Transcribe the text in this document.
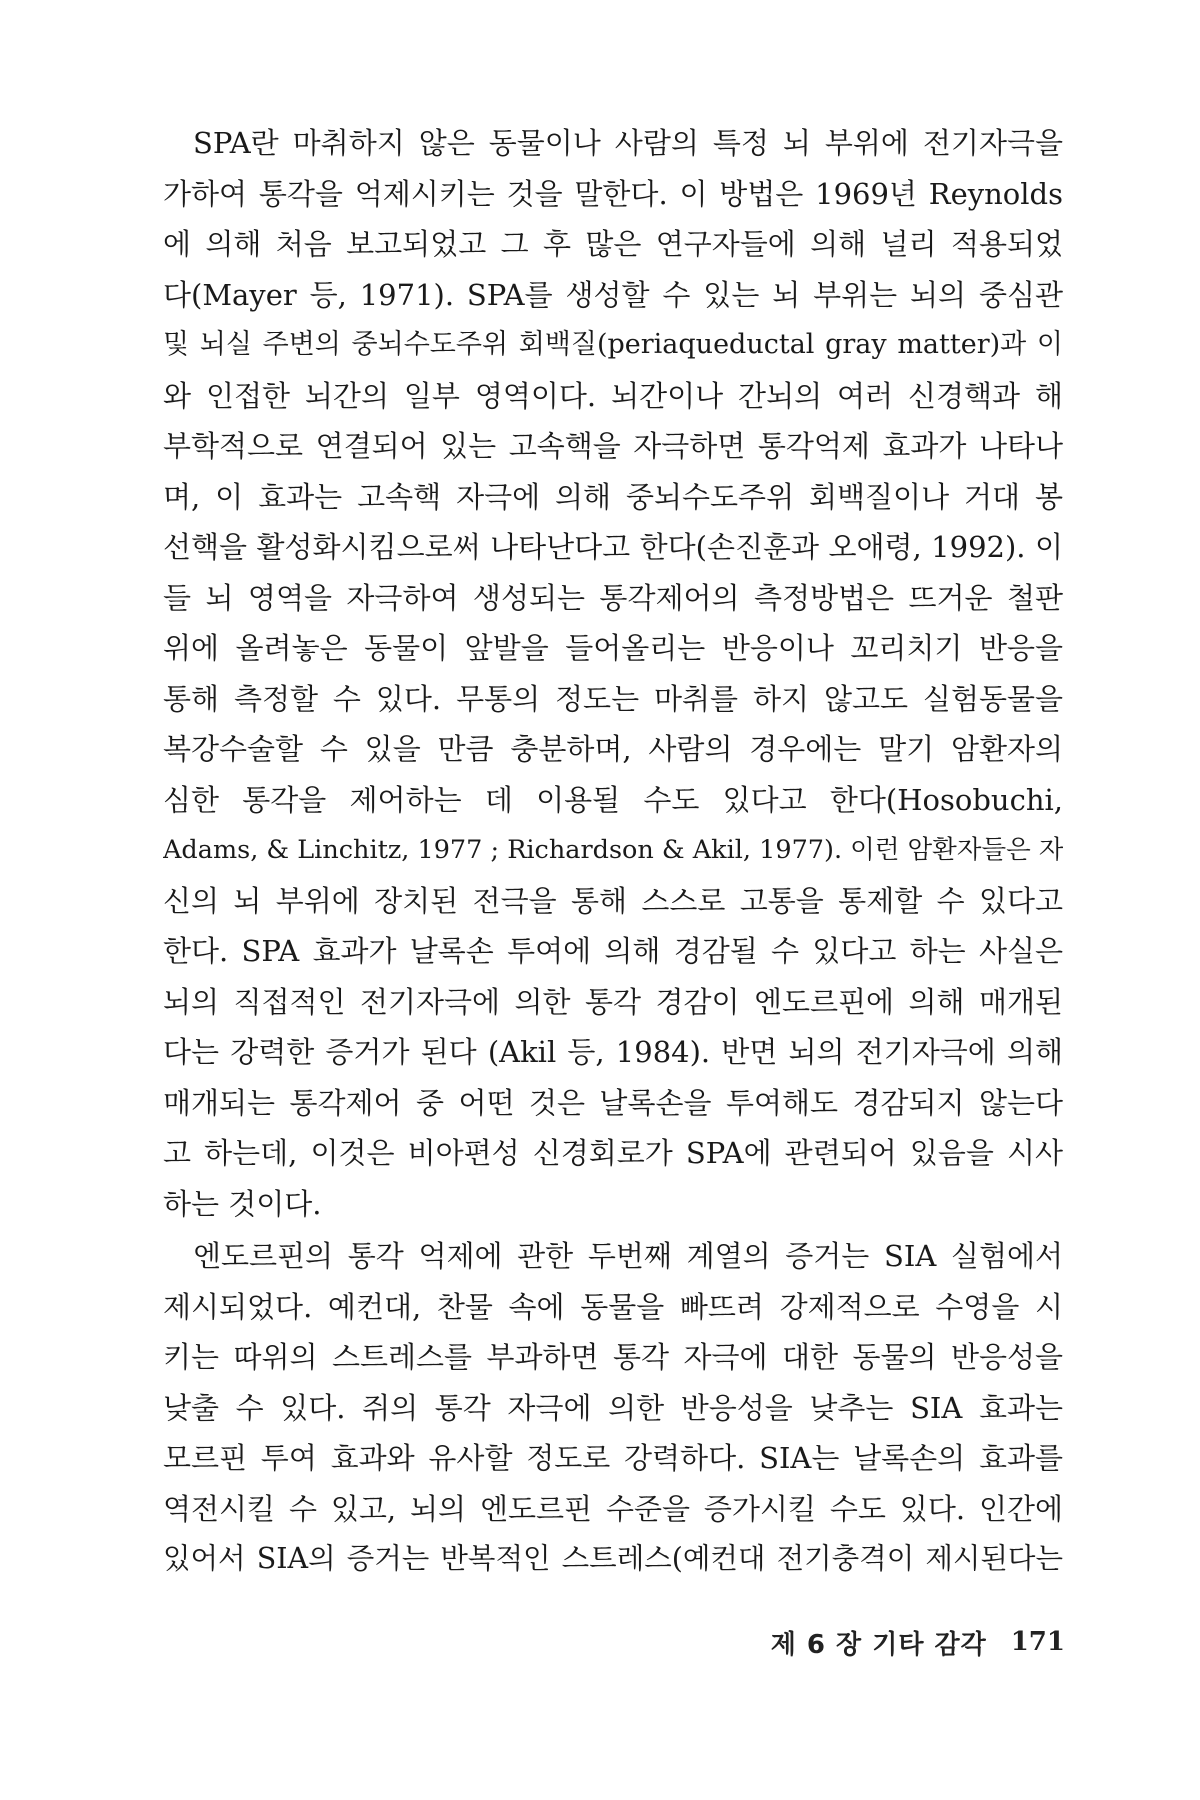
SPA란 마취하지 않은 동물이나 사람의 특정 뇌 부위에 전기자극을
가하여 통각을 억제시키는 것을 말한다. 이 방법은 1969년 Reynolds
에 의해 처음 보고되었고 그 후 많은 연구자들에 의해 널리 적용되었
다(Mayer 등, 1971). SPA를 생성할 수 있는 뇌 부위는 뇌의 중심관
및 뇌실 주변의 중뇌수도주위 회백질(periaqueductal gray matter)과 이
와 인접한 뇌간의 일부 영역이다. 뇌간이나 간뇌의 여러 신경핵과 해
부학적으로 연결되어 있는 고속핵을 자극하면 통각억제 효과가 나타나
며, 이 효과는 고속핵 자극에 의해 중뇌수도주위 회백질이나 거대 봉
선핵을 활성화시킴으로써 나타난다고 한다(손진훈과 오애령, 1992). 이
들 뇌 영역을 자극하여 생성되는 통각제어의 측정방법은 뜨거운 철판
위에 올려놓은 동물이 앞발을 들어올리는 반응이나 꼬리치기 반응을
통해 측정할 수 있다. 무통의 정도는 마취를 하지 않고도 실험동물을
복강수술할 수 있을 만큼 충분하며, 사람의 경우에는 말기 암환자의
심한 통각을 제어하는 데 이용될 수도 있다고 한다(Hosobuchi,
Adams, & Linchitz, 1977 ; Richardson & Akil, 1977). 이런 암환자들은 자
신의 뇌 부위에 장치된 전극을 통해 스스로 고통을 통제할 수 있다고
한다. SPA 효과가 날록손 투여에 의해 경감될 수 있다고 하는 사실은
뇌의 직접적인 전기자극에 의한 통각 경감이 엔도르핀에 의해 매개된
다는 강력한 증거가 된다 (Akil 등, 1984). 반면 뇌의 전기자극에 의해
매개되는 통각제어 중 어떤 것은 날록손을 투여해도 경감되지 않는다
고 하는데, 이것은 비아편성 신경회로가 SPA에 관련되어 있음을 시사
하는 것이다.

엔도르핀의 통각 억제에 관한 두번째 계열의 증거는 SIA 실험에서
제시되었다. 예컨대, 찬물 속에 동물을 빠뜨려 강제적으로 수영을 시
키는 따위의 스트레스를 부과하면 통각 자극에 대한 동물의 반응성을
낮출 수 있다. 쥐의 통각 자극에 의한 반응성을 낮추는 SIA 효과는
모르핀 투여 효과와 유사할 정도로 강력하다. SIA는 날록손의 효과를
역전시킬 수 있고, 뇌의 엔도르핀 수준을 증가시킬 수도 있다. 인간에
있어서 SIA의 증거는 반복적인 스트레스(예컨대 전기충격이 제시된다는

제 6 장 기타 감각 171
